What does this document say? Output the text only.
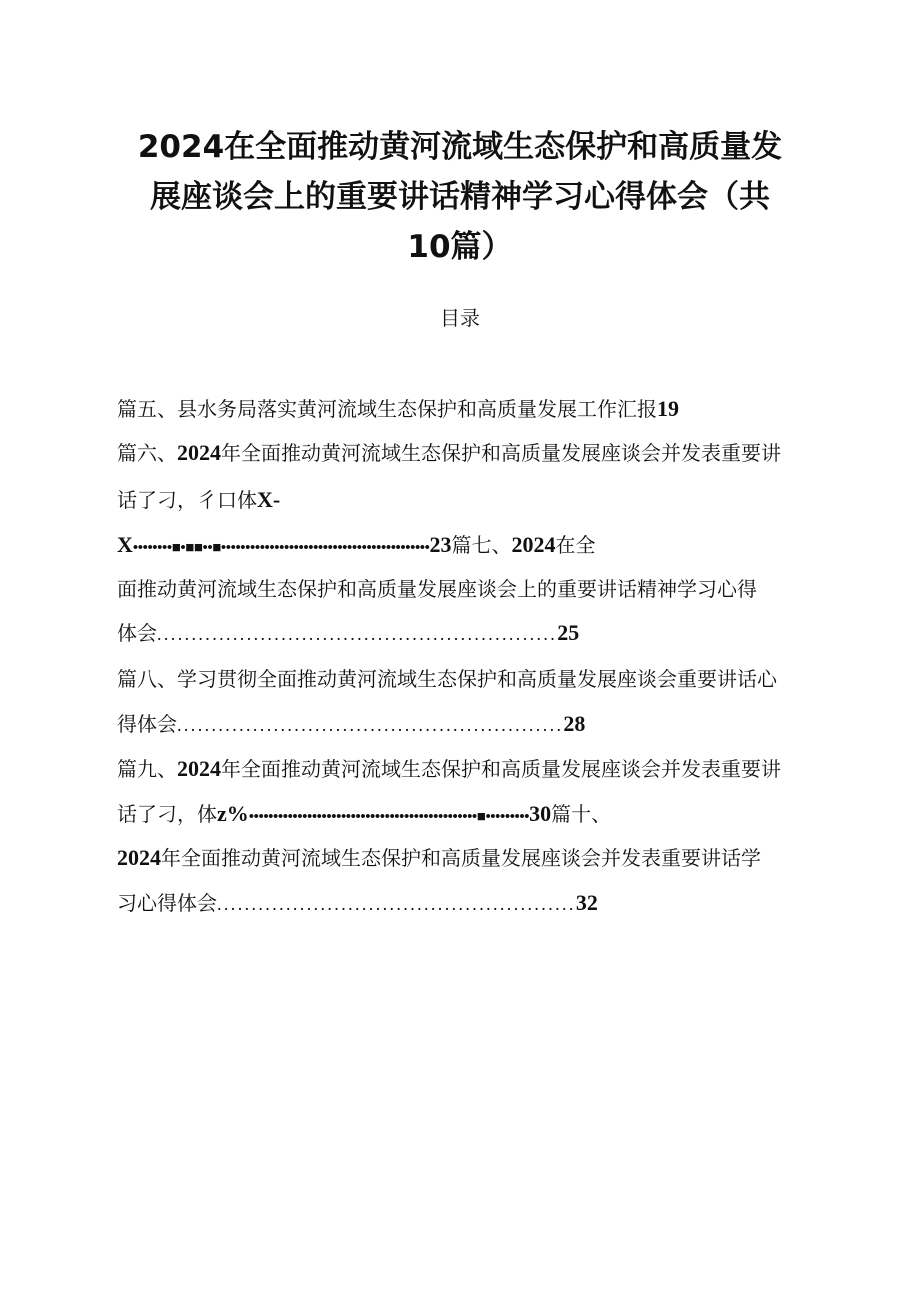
2024在全面推动黄河流域生态保护和高质量发
展座谈会上的重要讲话精神学习心得体会（共
10篇）
目录
篇五、县水务局落实黄河流域生态保护和高质量发展工作汇报19
篇六、2024年全面推动黄河流域生态保护和高质量发展座谈会并发表重要讲
话了刁，彳口体X-
X••••••••■•■■••■•••••••••••••••••••••••••••••••••••••••••••23篇七、2024在全
面推动黄河流域生态保护和高质量发展座谈会上的重要讲话精神学习心得
体会..........................................................25
篇八、学习贯彻全面推动黄河流域生态保护和高质量发展座谈会重要讲话心
得体会........................................................28
篇九、2024年全面推动黄河流域生态保护和高质量发展座谈会并发表重要讲
话了刁，体z%•••••••••••••••••••••••••••••••••••••••••••••••■•••••••••30篇十、
2024年全面推动黄河流域生态保护和高质量发展座谈会并发表重要讲话学
习心得体会....................................................32
